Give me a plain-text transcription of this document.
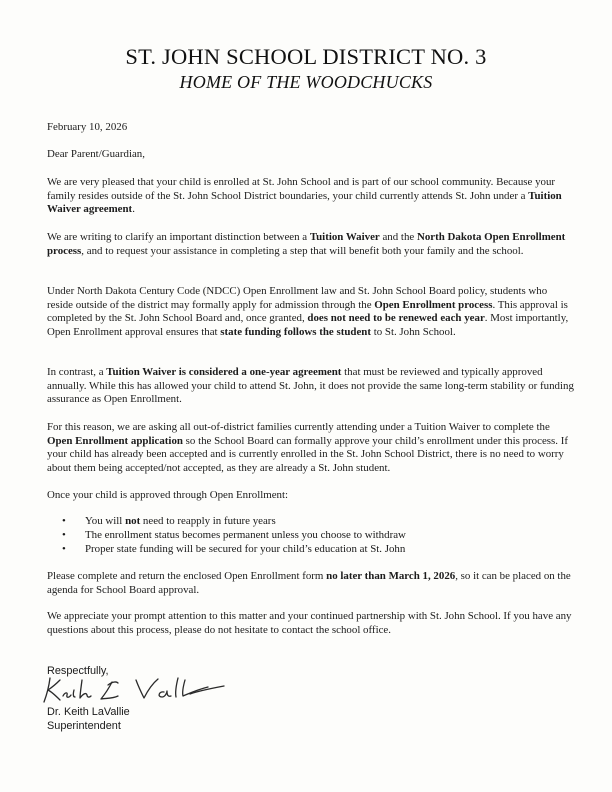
ST. JOHN SCHOOL DISTRICT NO. 3
HOME OF THE WOODCHUCKS
February 10, 2026
Dear Parent/Guardian,
We are very pleased that your child is enrolled at St. John School and is part of our school community. Because your family resides outside of the St. John School District boundaries, your child currently attends St. John under a Tuition Waiver agreement.
We are writing to clarify an important distinction between a Tuition Waiver and the North Dakota Open Enrollment process, and to request your assistance in completing a step that will benefit both your family and the school.
Under North Dakota Century Code (NDCC) Open Enrollment law and St. John School Board policy, students who reside outside of the district may formally apply for admission through the Open Enrollment process. This approval is completed by the St. John School Board and, once granted, does not need to be renewed each year. Most importantly, Open Enrollment approval ensures that state funding follows the student to St. John School.
In contrast, a Tuition Waiver is considered a one-year agreement that must be reviewed and typically approved annually. While this has allowed your child to attend St. John, it does not provide the same long-term stability or funding assurance as Open Enrollment.
For this reason, we are asking all out-of-district families currently attending under a Tuition Waiver to complete the Open Enrollment application so the School Board can formally approve your child’s enrollment under this process. If your child has already been accepted and is currently enrolled in the St. John School District, there is no need to worry about them being accepted/not accepted, as they are already a St. John student.
Once your child is approved through Open Enrollment:
• You will not need to reapply in future years
• The enrollment status becomes permanent unless you choose to withdraw
• Proper state funding will be secured for your child’s education at St. John
Please complete and return the enclosed Open Enrollment form no later than March 1, 2026, so it can be placed on the agenda for School Board approval.
We appreciate your prompt attention to this matter and your continued partnership with St. John School. If you have any questions about this process, please do not hesitate to contact the school office.
Respectfully,
Dr. Keith LaVallie
Superintendent
